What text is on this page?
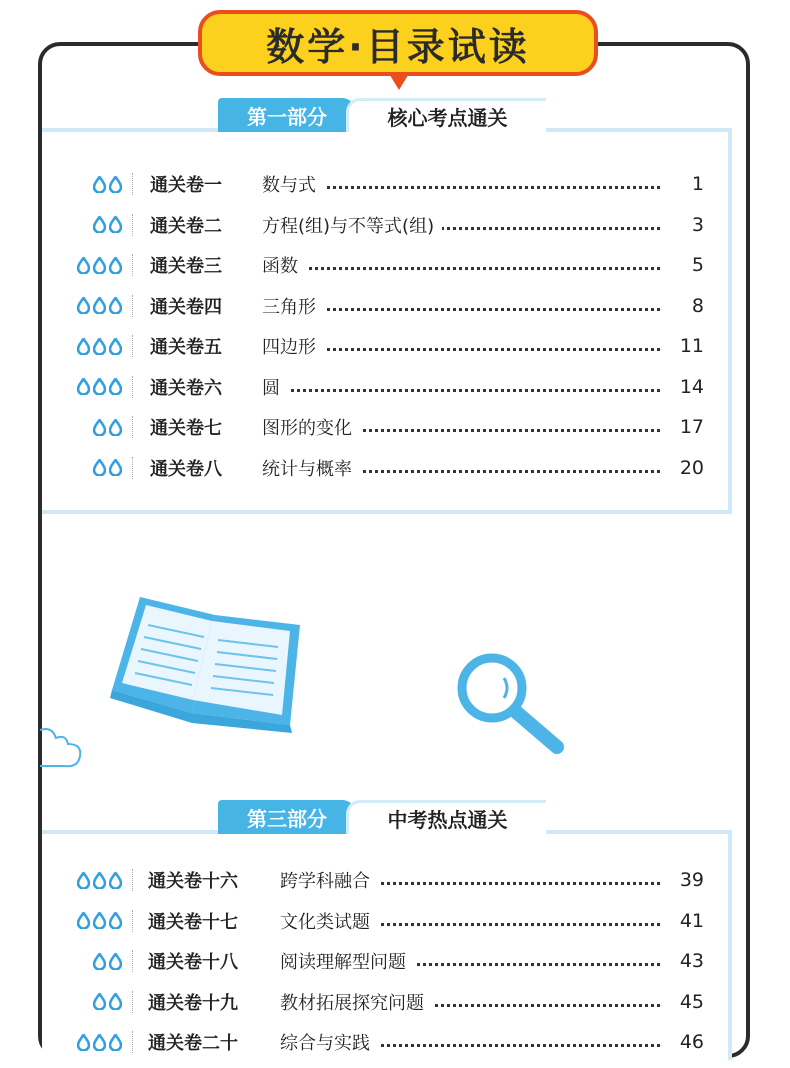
数学·目录试读
第一部分	核心考点通关
通关卷一 数与式	1
通关卷二 方程(组)与不等式(组)	3
通关卷三 函数	5
通关卷四 三角形	8
通关卷五 四边形	11
通关卷六 圆	14
通关卷七 图形的变化	17
通关卷八 统计与概率	20
第三部分	中考热点通关
通关卷十六 跨学科融合	39
通关卷十七 文化类试题	41
通关卷十八 阅读理解型问题	43
通关卷十九 教材拓展探究问题	45
通关卷二十 综合与实践	46
